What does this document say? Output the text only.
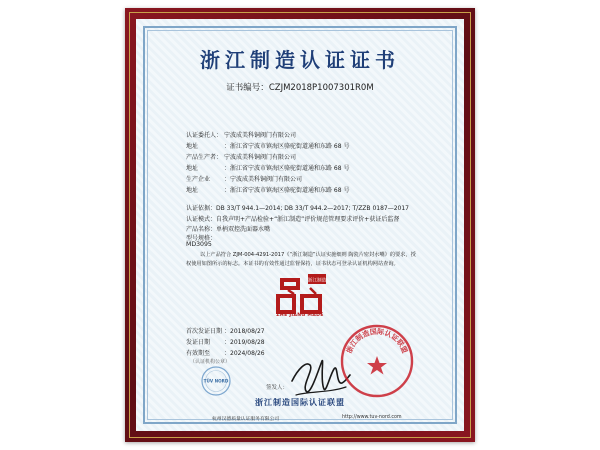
浙江制造认证证书
证书编号：CZJM2018P1007301R0M
认证委托人： 宁波成美科铜阀门有限公司
地址	：浙江省宁波市镇海区骆驼街道通和东路 68 号
产品生产者： 宁波成美科铜阀门有限公司
地址	：浙江省宁波市镇海区骆驼街道通和东路 68 号
生产企业 ：宁波成美科铜阀门有限公司
地址	：浙江省宁波市镇海区骆驼街道通和东路 68 号
认证依据：DB 33/T 944.1—2014; DB 33/T 944.2—2017; T/ZZB 0187—2017
认证模式：自我声明+产品检验+“浙江制造”评价规范管理要求评价+获证后监督
产品名称：单柄双控洗面器水嘴
型号规格：
MD3095
以上产品符合 ZJM-004-4291-2017《“浙江制造”认证实施细则 陶瓷片密封水嘴》的要求，授权使用如图所示的标志。本证书的有效性通过监督保持，证书状态可登录认证机构网站查询。
浙江制造
ZHE JIANG MADE
首次发证日期 ：2018/08/27
发证日期 ：2019/08/28
有效期至 ：2024/08/26
（认证机构公章）
TÜV NORD
签发人：
浙江制造国际认证联盟
浙江制造国际认证联盟
杭州汉德质量认证服务有限公司	http://www.tuv-nord.com
